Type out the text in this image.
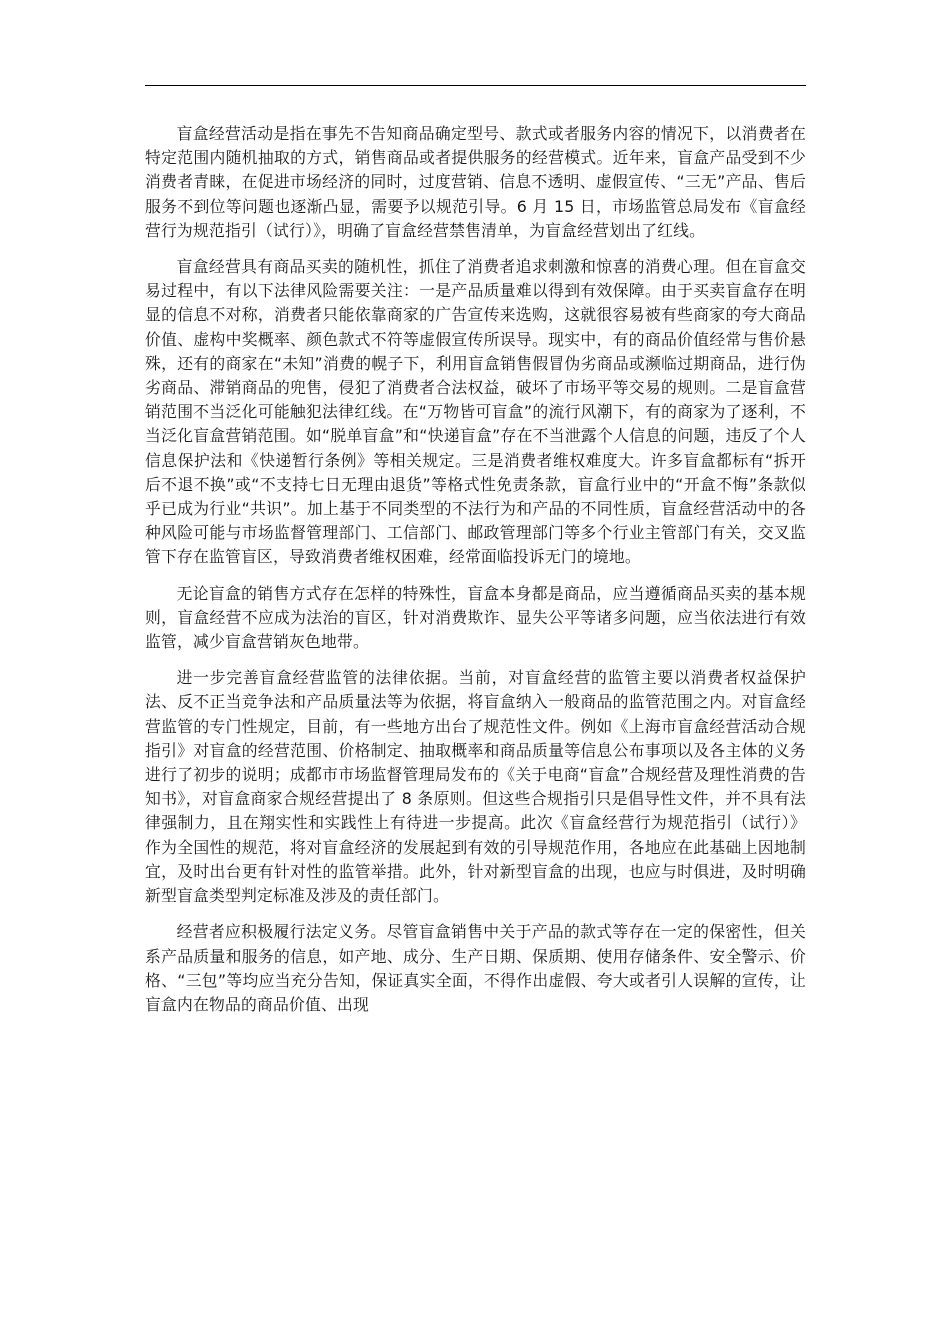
盲盒经营活动是指在事先不告知商品确定型号、款式或者服务内容的情况下，以消费者在特定范围内随机抽取的方式，销售商品或者提供服务的经营模式。近年来，盲盒产品受到不少消费者青睐，在促进市场经济的同时，过度营销、信息不透明、虚假宣传、“三无”产品、售后服务不到位等问题也逐渐凸显，需要予以规范引导。6 月 15 日，市场监管总局发布《盲盒经营行为规范指引（试行）》，明确了盲盒经营禁售清单，为盲盒经营划出了红线。

盲盒经营具有商品买卖的随机性，抓住了消费者追求刺激和惊喜的消费心理。但在盲盒交易过程中，有以下法律风险需要关注：一是产品质量难以得到有效保障。由于买卖盲盒存在明显的信息不对称，消费者只能依靠商家的广告宣传来选购，这就很容易被有些商家的夸大商品价值、虚构中奖概率、颜色款式不符等虚假宣传所误导。现实中，有的商品价值经常与售价悬殊，还有的商家在“未知”消费的幌子下，利用盲盒销售假冒伪劣商品或濒临过期商品，进行伪劣商品、滞销商品的兜售，侵犯了消费者合法权益，破坏了市场平等交易的规则。二是盲盒营销范围不当泛化可能触犯法律红线。在“万物皆可盲盒”的流行风潮下，有的商家为了逐利，不当泛化盲盒营销范围。如“脱单盲盒”和“快递盲盒”存在不当泄露个人信息的问题，违反了个人信息保护法和《快递暂行条例》等相关规定。三是消费者维权难度大。许多盲盒都标有“拆开后不退不换”或“不支持七日无理由退货”等格式性免责条款，盲盒行业中的“开盒不悔”条款似乎已成为行业“共识”。加上基于不同类型的不法行为和产品的不同性质，盲盒经营活动中的各种风险可能与市场监督管理部门、工信部门、邮政管理部门等多个行业主管部门有关，交叉监管下存在监管盲区，导致消费者维权困难，经常面临投诉无门的境地。

无论盲盒的销售方式存在怎样的特殊性，盲盒本身都是商品，应当遵循商品买卖的基本规则，盲盒经营不应成为法治的盲区，针对消费欺诈、显失公平等诸多问题，应当依法进行有效监管，减少盲盒营销灰色地带。

进一步完善盲盒经营监管的法律依据。当前，对盲盒经营的监管主要以消费者权益保护法、反不正当竞争法和产品质量法等为依据，将盲盒纳入一般商品的监管范围之内。对盲盒经营监管的专门性规定，目前，有一些地方出台了规范性文件。例如《上海市盲盒经营活动合规指引》对盲盒的经营范围、价格制定、抽取概率和商品质量等信息公布事项以及各主体的义务进行了初步的说明；成都市市场监督管理局发布的《关于电商“盲盒”合规经营及理性消费的告知书》，对盲盒商家合规经营提出了 8 条原则。但这些合规指引只是倡导性文件，并不具有法律强制力，且在翔实性和实践性上有待进一步提高。此次《盲盒经营行为规范指引（试行）》作为全国性的规范，将对盲盒经济的发展起到有效的引导规范作用，各地应在此基础上因地制宜，及时出台更有针对性的监管举措。此外，针对新型盲盒的出现，也应与时俱进，及时明确新型盲盒类型判定标准及涉及的责任部门。

经营者应积极履行法定义务。尽管盲盒销售中关于产品的款式等存在一定的保密性，但关系产品质量和服务的信息，如产地、成分、生产日期、保质期、使用存储条件、安全警示、价格、“三包”等均应当充分告知，保证真实全面，不得作出虚假、夸大或者引人误解的宣传，让盲盒内在物品的商品价值、出现
